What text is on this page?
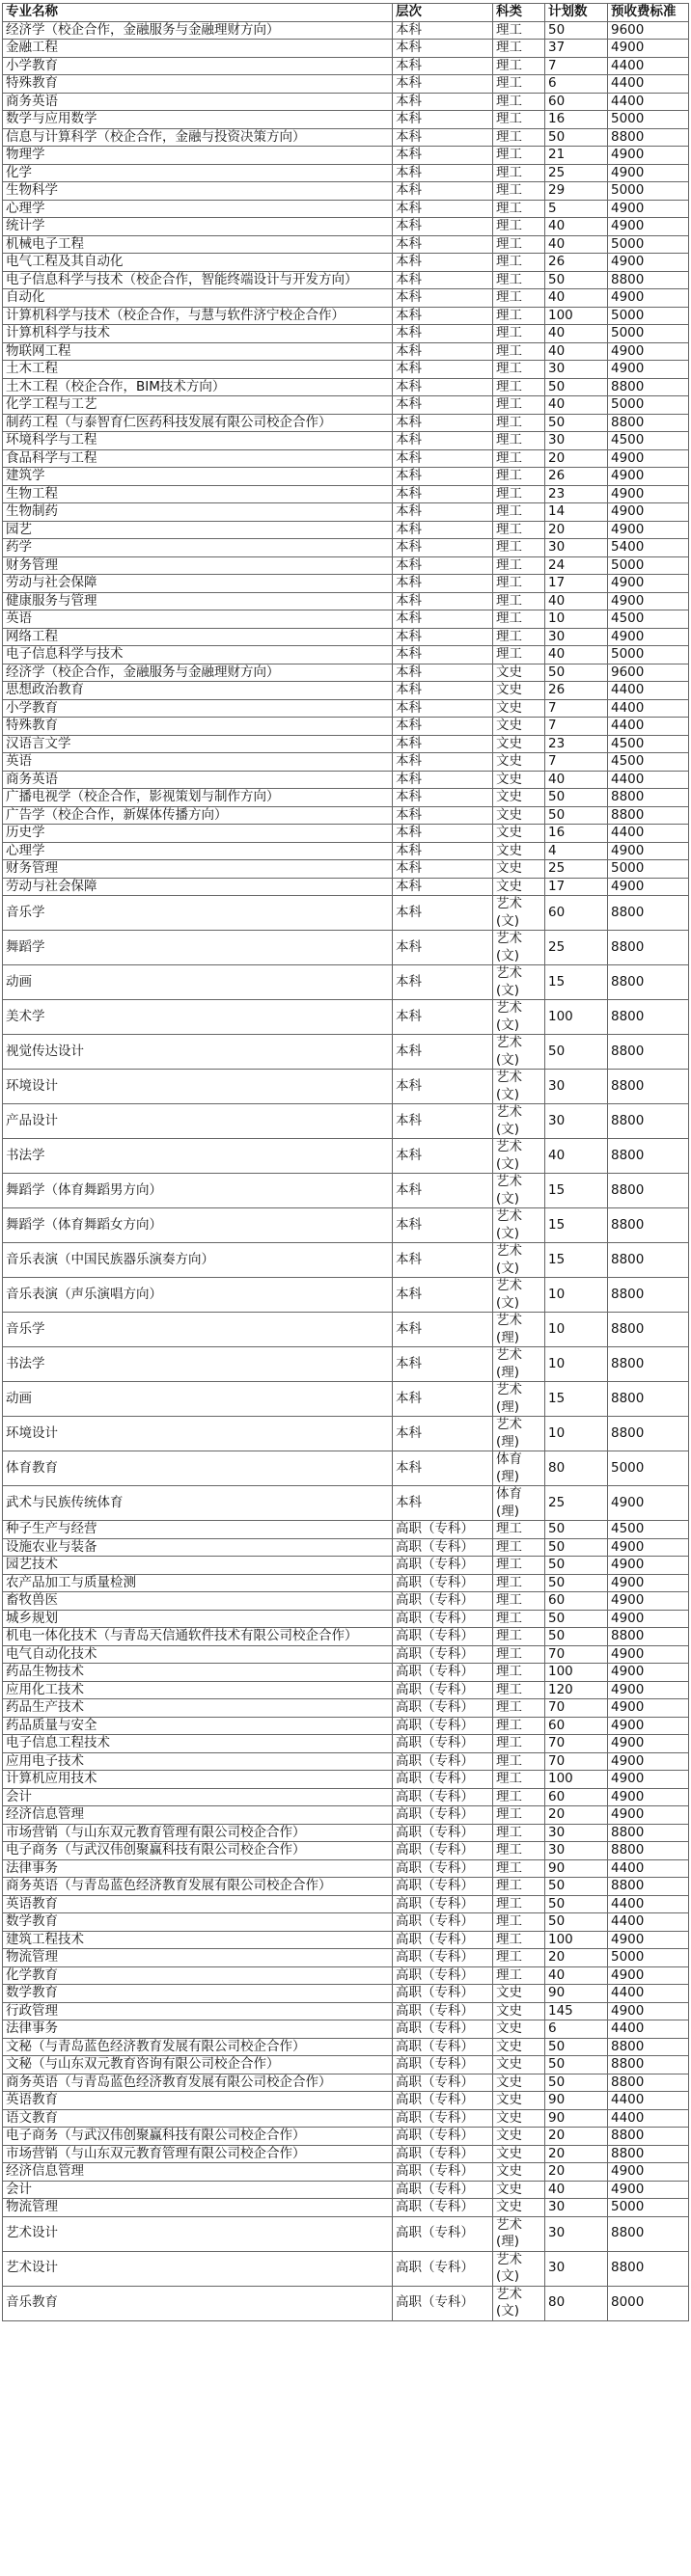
专业名称	层次	科类	计划数	预收费标准
经济学（校企合作，金融服务与金融理财方向）	本科	理工	50	9600
金融工程	本科	理工	37	4900
小学教育	本科	理工	7	4400
特殊教育	本科	理工	6	4400
商务英语	本科	理工	60	4400
数学与应用数学	本科	理工	16	5000
信息与计算科学（校企合作，金融与投资决策方向）	本科	理工	50	8800
物理学	本科	理工	21	4900
化学	本科	理工	25	4900
生物科学	本科	理工	29	5000
心理学	本科	理工	5	4900
统计学	本科	理工	40	4900
机械电子工程	本科	理工	40	5000
电气工程及其自动化	本科	理工	26	4900
电子信息科学与技术（校企合作，智能终端设计与开发方向）	本科	理工	50	8800
自动化	本科	理工	40	4900
计算机科学与技术（校企合作，与慧与软件济宁校企合作）	本科	理工	100	5000
计算机科学与技术	本科	理工	40	5000
物联网工程	本科	理工	40	4900
土木工程	本科	理工	30	4900
土木工程（校企合作，BIM技术方向）	本科	理工	50	8800
化学工程与工艺	本科	理工	40	5000
制药工程（与泰智育仁医药科技发展有限公司校企合作）	本科	理工	50	8800
环境科学与工程	本科	理工	30	4500
食品科学与工程	本科	理工	20	4900
建筑学	本科	理工	26	4900
生物工程	本科	理工	23	4900
生物制药	本科	理工	14	4900
园艺	本科	理工	20	4900
药学	本科	理工	30	5400
财务管理	本科	理工	24	5000
劳动与社会保障	本科	理工	17	4900
健康服务与管理	本科	理工	40	4900
英语	本科	理工	10	4500
网络工程	本科	理工	30	4900
电子信息科学与技术	本科	理工	40	5000
经济学（校企合作，金融服务与金融理财方向）	本科	文史	50	9600
思想政治教育	本科	文史	26	4400
小学教育	本科	文史	7	4400
特殊教育	本科	文史	7	4400
汉语言文学	本科	文史	23	4500
英语	本科	文史	7	4500
商务英语	本科	文史	40	4400
广播电视学（校企合作，影视策划与制作方向）	本科	文史	50	8800
广告学（校企合作，新媒体传播方向）	本科	文史	50	8800
历史学	本科	文史	16	4400
心理学	本科	文史	4	4900
财务管理	本科	文史	25	5000
劳动与社会保障	本科	文史	17	4900
音乐学	本科	艺术(文)	60	8800
舞蹈学	本科	艺术(文)	25	8800
动画	本科	艺术(文)	15	8800
美术学	本科	艺术(文)	100	8800
视觉传达设计	本科	艺术(文)	50	8800
环境设计	本科	艺术(文)	30	8800
产品设计	本科	艺术(文)	30	8800
书法学	本科	艺术(文)	40	8800
舞蹈学（体育舞蹈男方向）	本科	艺术(文)	15	8800
舞蹈学（体育舞蹈女方向）	本科	艺术(文)	15	8800
音乐表演（中国民族器乐演奏方向）	本科	艺术(文)	15	8800
音乐表演（声乐演唱方向）	本科	艺术(文)	10	8800
音乐学	本科	艺术(理)	10	8800
书法学	本科	艺术(理)	10	8800
动画	本科	艺术(理)	15	8800
环境设计	本科	艺术(理)	10	8800
体育教育	本科	体育(理)	80	5000
武术与民族传统体育	本科	体育(理)	25	4900
种子生产与经营	高职（专科）	理工	50	4500
设施农业与装备	高职（专科）	理工	50	4900
园艺技术	高职（专科）	理工	50	4900
农产品加工与质量检测	高职（专科）	理工	50	4900
畜牧兽医	高职（专科）	理工	60	4900
城乡规划	高职（专科）	理工	50	4900
机电一体化技术（与青岛天信通软件技术有限公司校企合作）	高职（专科）	理工	50	8800
电气自动化技术	高职（专科）	理工	70	4900
药品生物技术	高职（专科）	理工	100	4900
应用化工技术	高职（专科）	理工	120	4900
药品生产技术	高职（专科）	理工	70	4900
药品质量与安全	高职（专科）	理工	60	4900
电子信息工程技术	高职（专科）	理工	70	4900
应用电子技术	高职（专科）	理工	70	4900
计算机应用技术	高职（专科）	理工	100	4900
会计	高职（专科）	理工	60	4900
经济信息管理	高职（专科）	理工	20	4900
市场营销（与山东双元教育管理有限公司校企合作）	高职（专科）	理工	30	8800
电子商务（与武汉伟创聚赢科技有限公司校企合作）	高职（专科）	理工	30	8800
法律事务	高职（专科）	理工	90	4400
商务英语（与青岛蓝色经济教育发展有限公司校企合作）	高职（专科）	理工	50	8800
英语教育	高职（专科）	理工	50	4400
数学教育	高职（专科）	理工	50	4400
建筑工程技术	高职（专科）	理工	100	4900
物流管理	高职（专科）	理工	20	5000
化学教育	高职（专科）	理工	40	4900
数学教育	高职（专科）	文史	90	4400
行政管理	高职（专科）	文史	145	4900
法律事务	高职（专科）	文史	6	4400
文秘（与青岛蓝色经济教育发展有限公司校企合作）	高职（专科）	文史	50	8800
文秘（与山东双元教育咨询有限公司校企合作）	高职（专科）	文史	50	8800
商务英语（与青岛蓝色经济教育发展有限公司校企合作）	高职（专科）	文史	50	8800
英语教育	高职（专科）	文史	90	4400
语文教育	高职（专科）	文史	90	4400
电子商务（与武汉伟创聚赢科技有限公司校企合作）	高职（专科）	文史	20	8800
市场营销（与山东双元教育管理有限公司校企合作）	高职（专科）	文史	20	8800
经济信息管理	高职（专科）	文史	20	4900
会计	高职（专科）	文史	40	4900
物流管理	高职（专科）	文史	30	5000
艺术设计	高职（专科）	艺术(理)	30	8800
艺术设计	高职（专科）	艺术(文)	30	8800
音乐教育	高职（专科）	艺术(文)	80	8000
